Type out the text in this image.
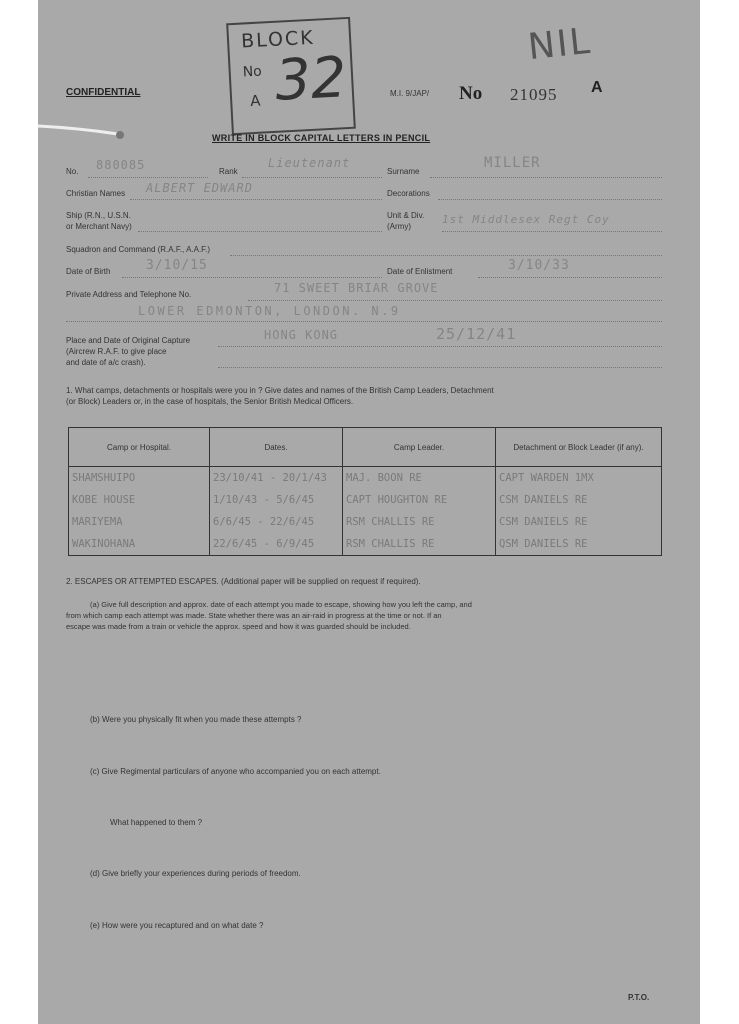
CONFIDENTIAL
BLOCK
No
A 32
NIL
M.I. 9/JAP/ No 21095 A
WRITE IN BLOCK CAPITAL LETTERS IN PENCIL
No. 880085	Rank
Lieutenant
Surname
MILLER
Christian Names ALBERT EDWARD	Decorations
Ship (R.N., U.S.N.
or Merchant Navy)
Unit & Div.
(Army)
1st Middlesex Regt Coy
Squadron and Command (R.A.F., A.A.F.)
Date of Birth	3/10/15	Date of Enlistment	3/10/33
Private Address and Telephone No.	71 SWEET BRIAR GROVE
LOWER EDMONTON, LONDON. N.9
Place and Date of Original Capture
(Aircrew R.A.F. to give place
and date of a/c crash).
HONG KONG	25/12/41
1. What camps, detachments or hospitals were you in ? Give dates and names of the British Camp Leaders, Detachment
(or Block) Leaders or, in the case of hospitals, the Senior British Medical Officers.
Camp or Hospital.	Dates.	Camp Leader.	Detachment or Block Leader (if any).
SHAMSHUIPO	23/10/41 - 20/1/43	MAJ. BOON RE	CAPT WARDEN 1MX
KOBE HOUSE	1/10/43 - 5/6/45	CAPT HOUGHTON RE	CSM DANIELS RE
MARIYEMA	6/6/45 - 22/6/45	RSM CHALLIS RE	CSM DANIELS RE
WAKINOHANA	22/6/45 - 6/9/45	RSM CHALLIS RE	QSM DANIELS RE
2. ESCAPES OR ATTEMPTED ESCAPES. (Additional paper will be supplied on request if required).
(a) Give full description and approx. date of each attempt you made to escape, showing how you left the camp, and
from which camp each attempt was made. State whether there was an air-raid in progress at the time or not. If an
escape was made from a train or vehicle the approx. speed and how it was guarded should be included.
(b) Were you physically fit when you made these attempts ?
(c) Give Regimental particulars of anyone who accompanied you on each attempt.
What happened to them ?
(d) Give briefly your experiences during periods of freedom.
(e) How were you recaptured and on what date ?
P.T.O.
